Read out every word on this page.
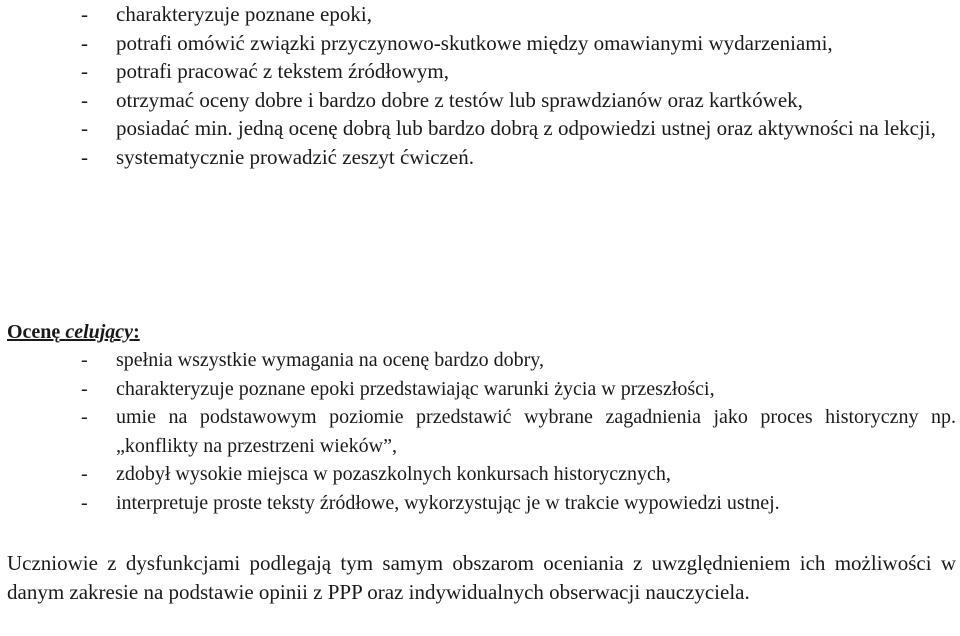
- charakteryzuje poznane epoki,
- potrafi omówić związki przyczynowo-skutkowe między omawianymi wydarzeniami,
- potrafi pracować z tekstem źródłowym,
- otrzymać oceny dobre i bardzo dobre z testów lub sprawdzianów oraz kartkówek,
- posiadać min. jedną ocenę dobrą lub bardzo dobrą z odpowiedzi ustnej oraz aktywności na lekcji,
- systematycznie prowadzić zeszyt ćwiczeń.
Ocenę celujący:
- spełnia wszystkie wymagania na ocenę bardzo dobry,
- charakteryzuje poznane epoki przedstawiając warunki życia w przeszłości,
- umie na podstawowym poziomie przedstawić wybrane zagadnienia jako proces historyczny np. „konflikty na przestrzeni wieków”,
- zdobył wysokie miejsca w pozaszkolnych konkursach historycznych,
- interpretuje proste teksty źródłowe, wykorzystując je w trakcie wypowiedzi ustnej.

Uczniowie z dysfunkcjami podlegają tym samym obszarom oceniania z uwzględnieniem ich możliwości w danym zakresie na podstawie opinii z PPP oraz indywidualnych obserwacji nauczyciela.
